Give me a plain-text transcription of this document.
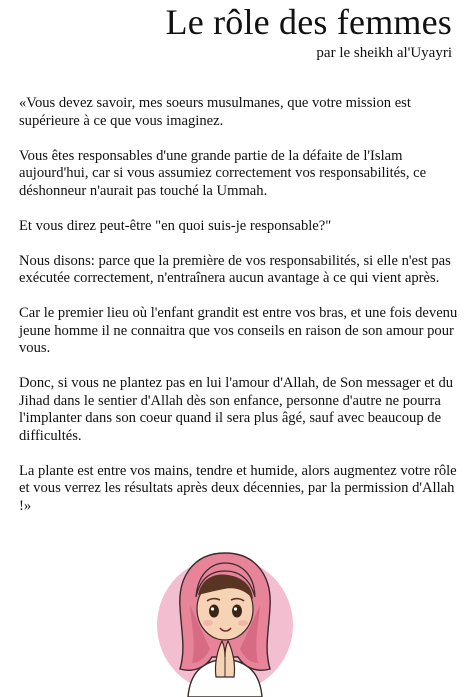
Le rôle des femmes
par le sheikh al'Uyayri

«Vous devez savoir, mes soeurs musulmanes, que votre mission est supérieure à ce que vous imaginez.

Vous êtes responsables d'une grande partie de la défaite de l'Islam aujourd'hui, car si vous assumiez correctement vos responsabilités, ce déshonneur n'aurait pas touché la Ummah.

Et vous direz peut-être "en quoi suis-je responsable?"

Nous disons: parce que la première de vos responsabilités, si elle n'est pas exécutée correctement, n'entraînera aucun avantage à ce qui vient après.

Car le premier lieu où l'enfant grandit est entre vos bras, et une fois devenu jeune homme il ne connaitra que vos conseils en raison de son amour pour vous.

Donc, si vous ne plantez pas en lui l'amour d'Allah, de Son messager et du Jihad dans le sentier d'Allah dès son enfance, personne d'autre ne pourra l'implanter dans son coeur quand il sera plus âgé, sauf avec beaucoup de difficultés.

La plante est entre vos mains, tendre et humide, alors augmentez votre rôle et vous verrez les résultats après deux décennies, par la permission d'Allah !»
